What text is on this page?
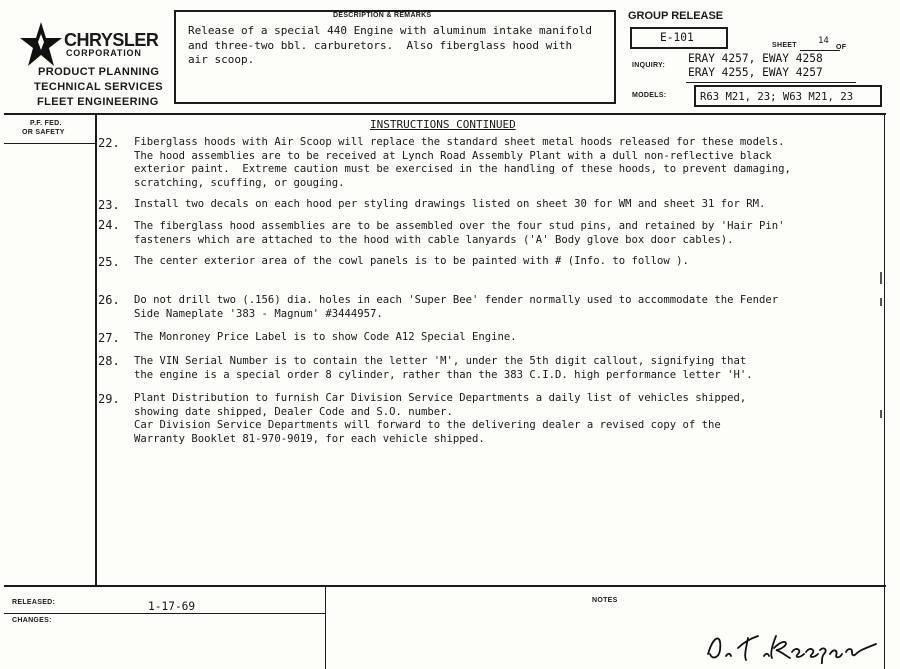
CHRYSLER
CORPORATION
PRODUCT PLANNING
TECHNICAL SERVICES
FLEET ENGINEERING
DESCRIPTION & REMARKS
Release of a special 440 Engine with aluminum intake manifold
and three-two bbl. carburetors.  Also fiberglass hood with
air scoop.
GROUP RELEASE
E-101
SHEET 14
OF
INQUIRY:
ERAY 4257, EWAY 4258
ERAY 4255, EWAY 4257
MODELS:	R63 M21, 23; W63 M21, 23
P.F. FED.
OR SAFETY
INSTRUCTIONS CONTINUED
22. Fiberglass hoods with Air Scoop will replace the standard sheet metal hoods released for these models.
The hood assemblies are to be received at Lynch Road Assembly Plant with a dull non-reflective black
exterior paint.  Extreme caution must be exercised in the handling of these hoods, to prevent damaging,
scratching, scuffing, or gouging.
23. Install two decals on each hood per styling drawings listed on sheet 30 for WM and sheet 31 for RM.
24. The fiberglass hood assemblies are to be assembled over the four stud pins, and retained by 'Hair Pin'
fasteners which are attached to the hood with cable lanyards ('A' Body glove box door cables).
25. The center exterior area of the cowl panels is to be painted with # (Info. to follow ).
26. Do not drill two (.156) dia. holes in each 'Super Bee' fender normally used to accommodate the Fender
Side Nameplate '383 - Magnum' #3444957.
27. The Monroney Price Label is to show Code A12 Special Engine.
28. The VIN Serial Number is to contain the letter 'M', under the 5th digit callout, signifying that
the engine is a special order 8 cylinder, rather than the 383 C.I.D. high performance letter 'H'.
29. Plant Distribution to furnish Car Division Service Departments a daily list of vehicles shipped,
showing date shipped, Dealer Code and S.O. number.
Car Division Service Departments will forward to the delivering dealer a revised copy of the
Warranty Booklet 81-970-9019, for each vehicle shipped.
RELEASED:	1-17-69
CHANGES:
NOTES
